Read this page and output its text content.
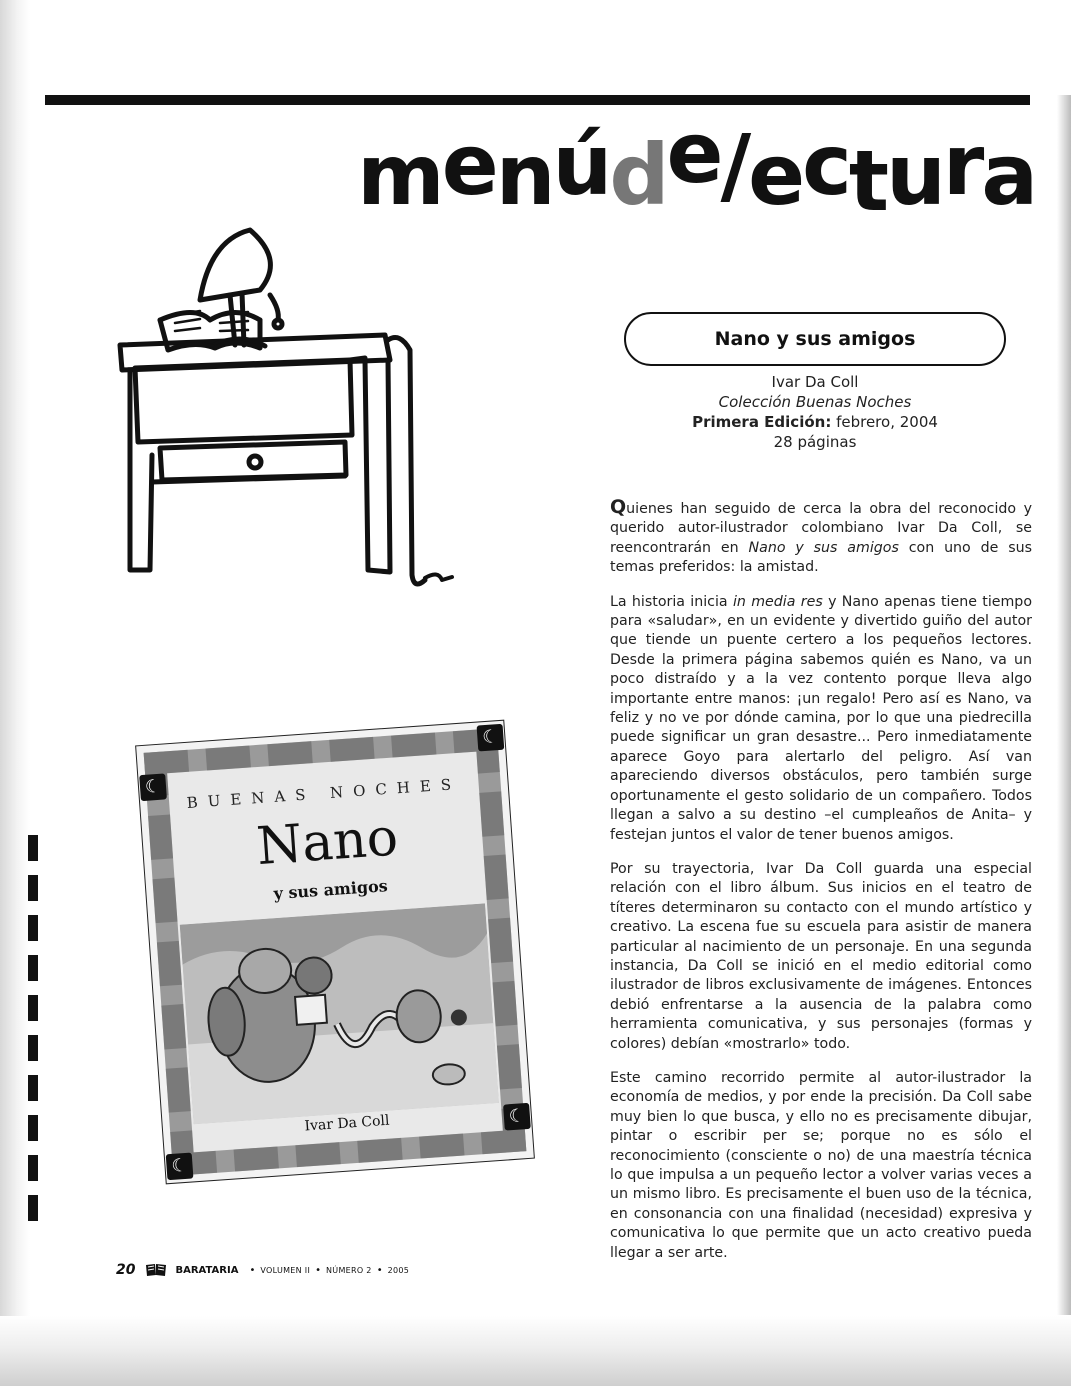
menúde/ectura
Nano y sus amigos
Ivar Da Coll
Colección Buenas Noches
Primera Edición: febrero, 2004
28 páginas

Quienes han seguido de cerca la obra del reconocido y querido autor-ilustrador colombiano Ivar Da Coll, se reencontrarán en Nano y sus amigos con uno de sus temas preferidos: la amistad.

La historia inicia in media res y Nano apenas tiene tiempo para «saludar», en un evidente y divertido guiño del autor que tiende un puente certero a los pequeños lectores. Desde la primera página sabemos quién es Nano, va un poco distraído y a la vez contento porque lleva algo importante entre manos: ¡un regalo! Pero así es Nano, va feliz y no ve por dónde camina, por lo que una piedrecilla puede significar un gran desastre... Pero inmediatamente aparece Goyo para alertarlo del peligro. Así van apareciendo diversos obstáculos, pero también surge oportunamente el gesto solidario de un compañero. Todos llegan a salvo a su destino –el cumpleaños de Anita– y festejan juntos el valor de tener buenos amigos.

Por su trayectoria, Ivar Da Coll guarda una especial relación con el libro álbum. Sus inicios en el teatro de títeres determinaron su contacto con el mundo artístico y creativo. La escena fue su escuela para asistir de manera particular al nacimiento de un personaje. En una segunda instancia, Da Coll se inició en el medio editorial como ilustrador de libros exclusivamente de imágenes. Entonces debió enfrentarse a la ausencia de la palabra como herramienta comunicativa, y sus personajes (formas y colores) debían «mostrarlo» todo.

Este camino recorrido permite al autor-ilustrador la economía de medios, y por ende la precisión. Da Coll sabe muy bien lo que busca, y ello no es precisamente dibujar, pintar o escribir per se; porque no es sólo el reconocimiento (consciente o no) de una maestría técnica lo que impulsa a un pequeño lector a volver varias veces a un mismo libro. Es precisamente el buen uso de la técnica, en consonancia con una finalidad (necesidad) expresiva y comunicativa lo que permite que un acto creativo pueda llegar a ser arte.

☾
☾
☾
☾
BUENAS NOCHES
Nano
y sus amigos
Ivar Da Coll
20	BARATARIA • VOLUMEN II • NÚMERO 2 • 2005
